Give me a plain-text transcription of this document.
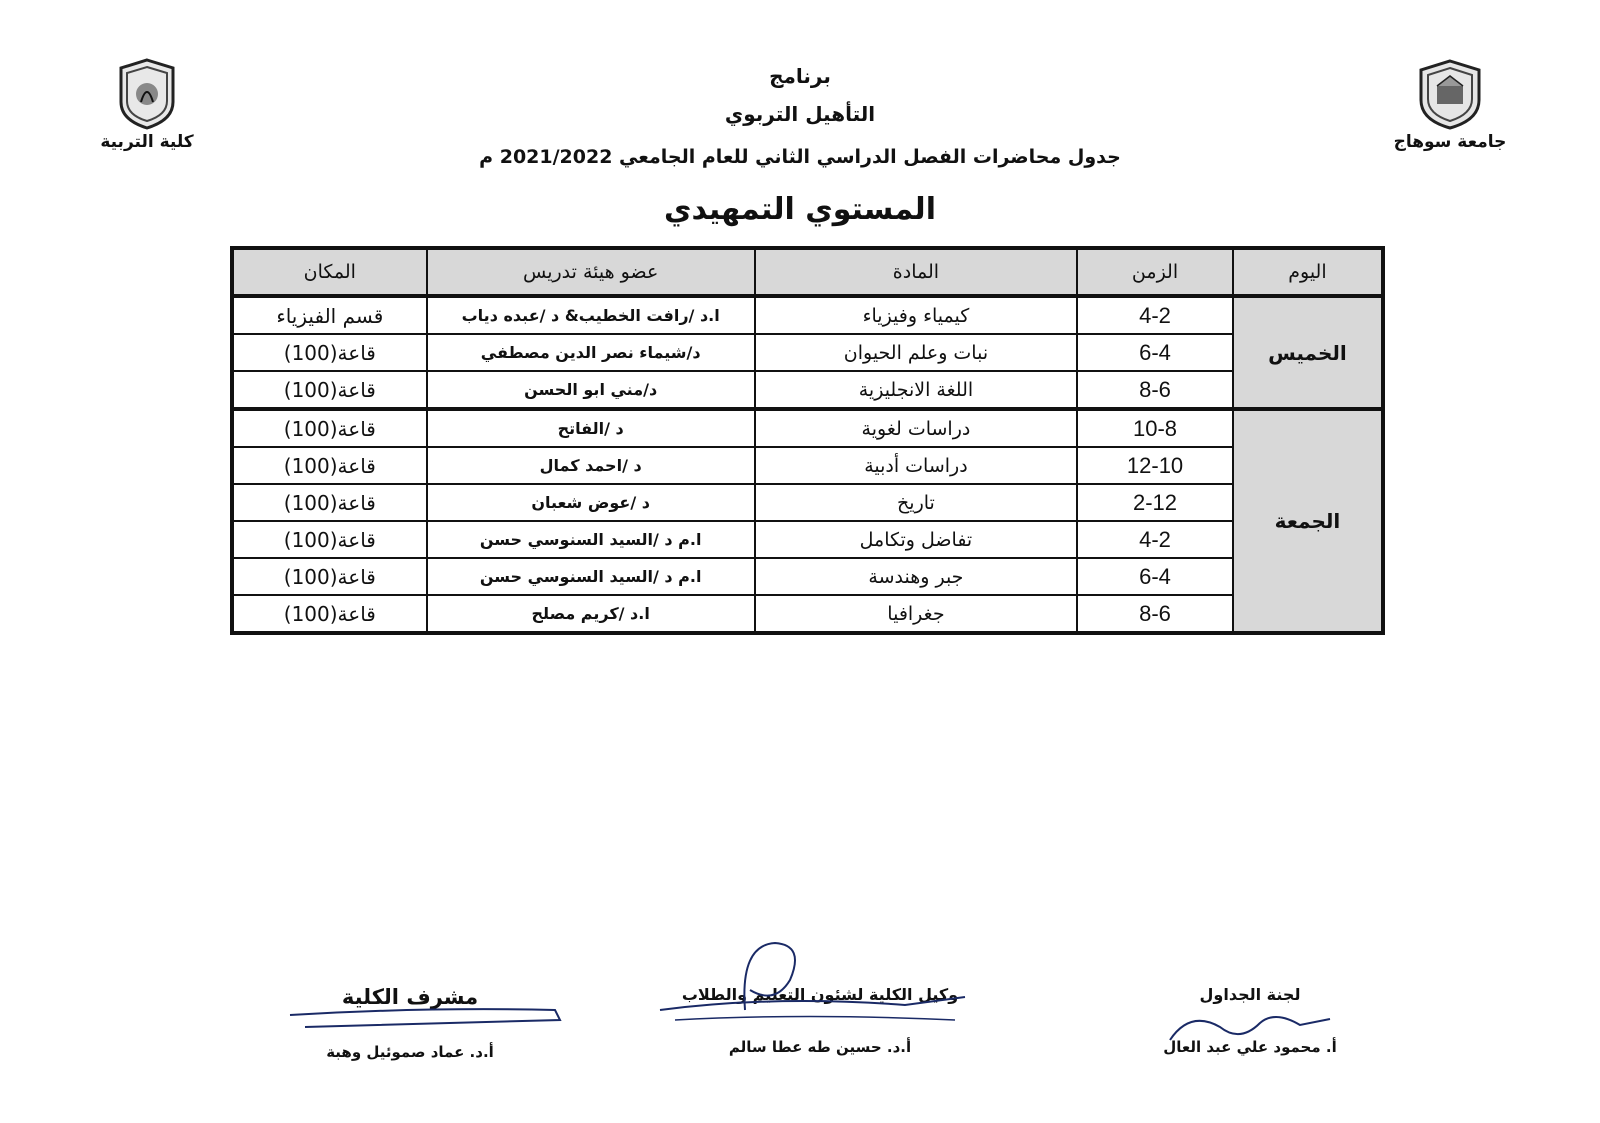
كلية التربية	جامعة سوهاج
برنامج
التأهيل التربوي
جدول محاضرات الفصل الدراسي الثاني للعام الجامعي 2021/2022 م
المستوي التمهيدي
اليوم	الزمن	المادة	عضو هيئة تدريس	المكان
الخميس	4-2	كيمياء وفيزياء	ا.د /رافت الخطيب& د /عبده دياب	قسم الفيزياء
	6-4	نبات وعلم الحيوان	د/شيماء نصر الدين مصطفي	قاعة(100)
	8-6	اللغة الانجليزية	د/مني ابو الحسن	قاعة(100)
الجمعة	10-8	دراسات لغوية	د /الفاتح	قاعة(100)
	12-10	دراسات أدبية	د /احمد كمال	قاعة(100)
	2-12	تاريخ	د /عوض شعبان	قاعة(100)
	4-2	تفاضل وتكامل	ا.م د /السيد السنوسي حسن	قاعة(100)
	6-4	جبر وهندسة	ا.م د /السيد السنوسي حسن	قاعة(100)
	8-6	جغرافيا	ا.د /كريم مصلح	قاعة(100)
لجنة الجداول
أ. محمود علي عبد العال
وكيل الكلية لشئون التعليم والطلاب
أ.د. حسين طه عطا سالم
مشرف الكلية
أ.د. عماد صموئيل وهبة
